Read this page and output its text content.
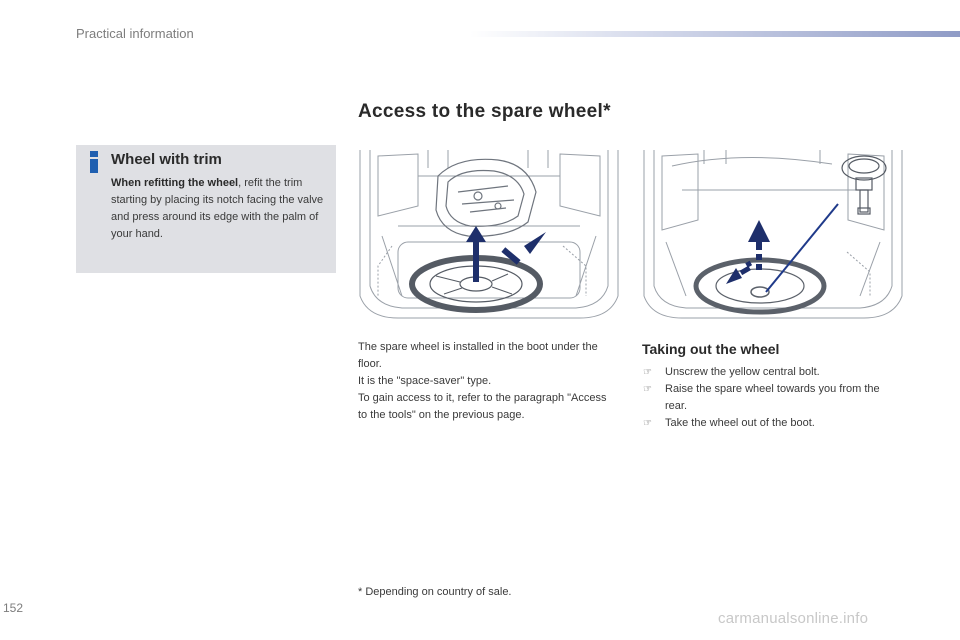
Practical information
Access to the spare wheel*
Wheel with trim

When refitting the wheel, refit the trim starting by placing its notch facing the valve and press around its edge with the palm of your hand.

The spare wheel is installed in the boot under the floor.

It is the "space-saver" type.

To gain access to it, refer to the paragraph "Access to the tools" on the previous page.

Taking out the wheel
☞ Unscrew the yellow central bolt.
☞ Raise the spare wheel towards you from the rear.
☞ Take the wheel out of the boot.
* Depending on country of sale.
152
carmanualsonline.info
